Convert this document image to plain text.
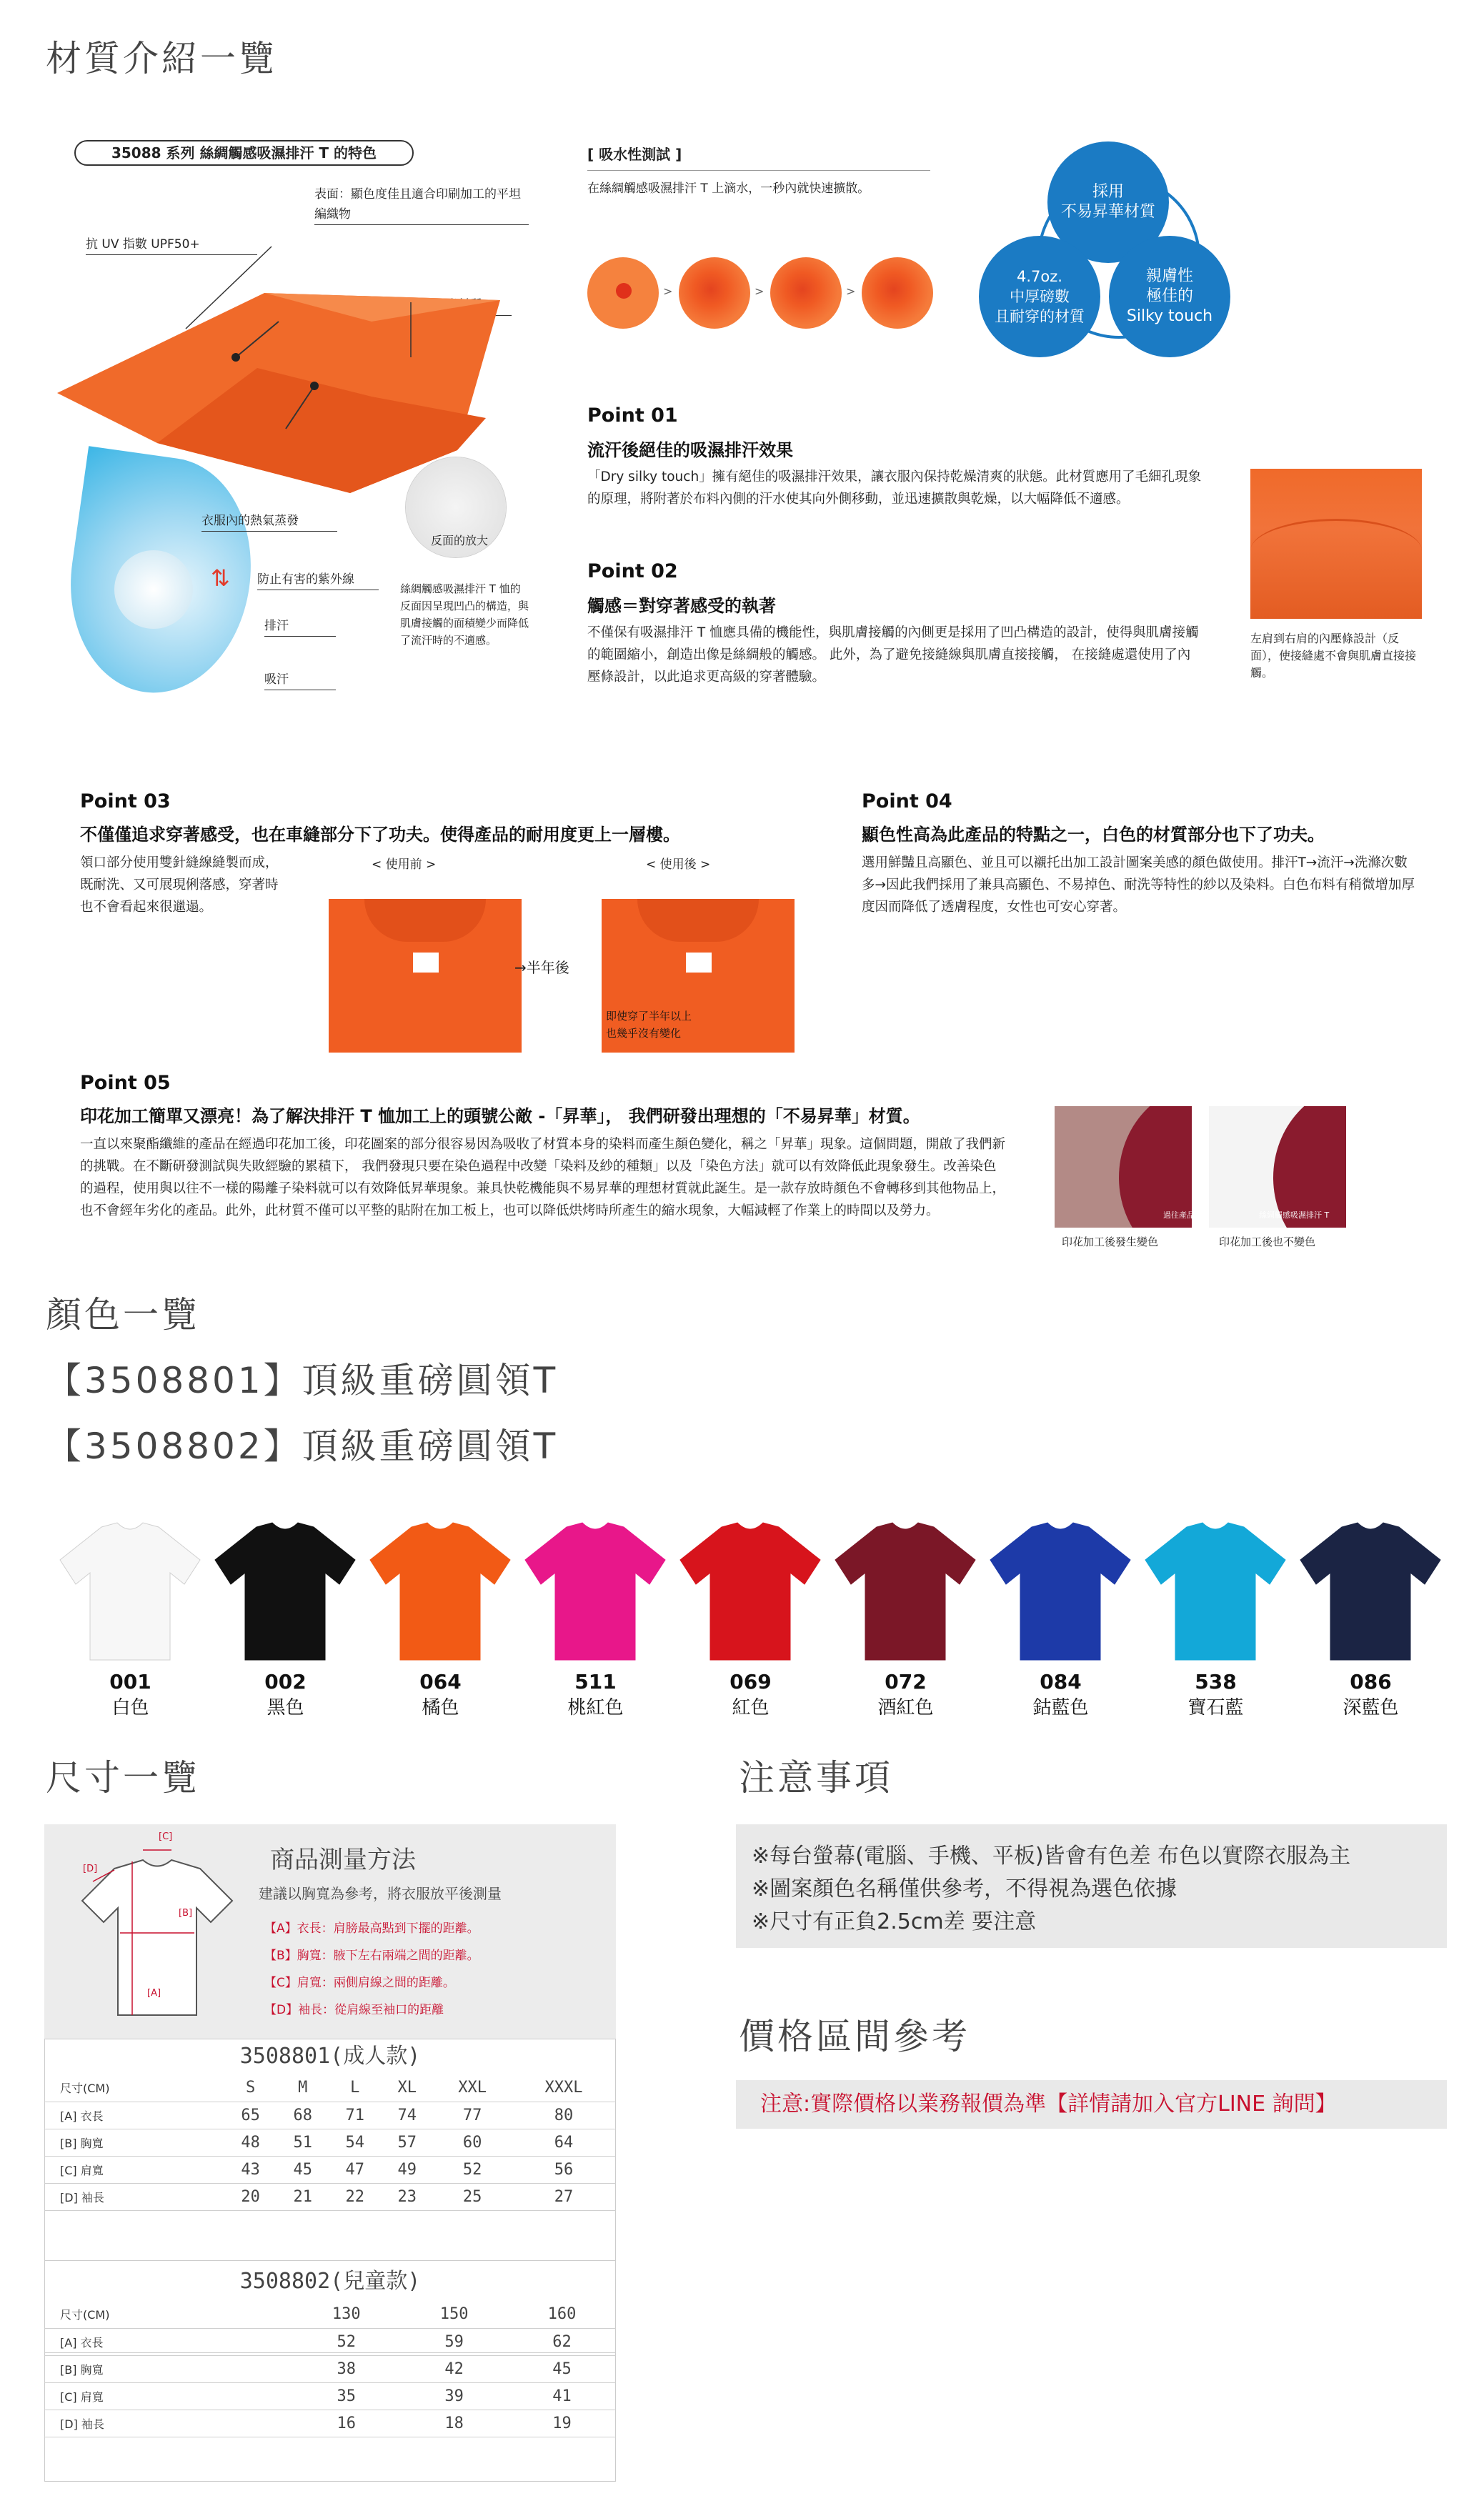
材質介紹一覽
35088 系列 絲綢觸感吸濕排汗 T 的特色
表面：顯色度佳且適合印刷加工的平坦編織物
抗 UV 指數 UPF50+
⇅
衣服內的熱氣蒸發
防止有害的紫外線
排汗
吸汗
反面的放大
絲綢觸感吸濕排汗 T 恤的反面因呈現凹凸的構造，與肌膚接觸的面積變少而降低了流汗時的不適感。
[ 吸水性測試 ]
在絲綢觸感吸濕排汗 T 上滴水，一秒內就快速擴散。
>	>	>
採用
不易昇華材質
4.7oz.
中厚磅數
且耐穿的材質
親膚性
極佳的
Silky touch
Point 01
流汗後絕佳的吸濕排汗效果
「Dry silky touch」擁有絕佳的吸濕排汗效果，讓衣服內保持乾燥清爽的狀態。此材質應用了毛細孔現象的原理，將附著於布料內側的汗水使其向外側移動，並迅速擴散與乾燥，以大幅降低不適感。
Point 02
觸感＝對穿著感受的執著
不僅保有吸濕排汗 T 恤應具備的機能性，與肌膚接觸的內側更是採用了凹凸構造的設計，使得與肌膚接觸的範圍縮小，創造出像是絲綢般的觸感。 此外，為了避免接縫線與肌膚直接接觸， 在接縫處還使用了內壓條設計，以此追求更高級的穿著體驗。
左肩到右肩的內壓條設計（反面），使接縫處不會與肌膚直接接觸。
Point 03
不僅僅追求穿著感受，也在車縫部分下了功夫。使得產品的耐用度更上一層樓。
領口部分使用雙針縫線縫製而成，既耐洗、又可展現俐落感，穿著時也不會看起來很邋遢。
< 使用前 >	< 使用後 >
→半年後
即使穿了半年以上
也幾乎沒有變化
Point 04
顯色性高為此產品的特點之一，白色的材質部分也下了功夫。
選用鮮豔且高顯色、並且可以襯托出加工設計圖案美感的顏色做使用。排汗T→流汗→洗滌次數多→因此我們採用了兼具高顯色、不易掉色、耐洗等特性的紗以及染料。白色布料有稍微增加厚度因而降低了透膚程度，女性也可安心穿著。
Point 05
印花加工簡單又漂亮！為了解決排汗 T 恤加工上的頭號公敵 -「昇華」， 我們研發出理想的「不易昇華」材質。
一直以來聚酯纖維的產品在經過印花加工後，印花圖案的部分很容易因為吸收了材質本身的染料而產生顏色變化，稱之「昇華」現象。這個問題，開啟了我們新的挑戰。在不斷研發測試與失敗經驗的累積下， 我們發現只要在染色過程中改變「染料及紗的種類」以及「染色方法」就可以有效降低此現象發生。改善染色的過程，使用與以往不一樣的陽離子染料就可以有效降低昇華現象。兼具快乾機能與不易昇華的理想材質就此誕生。是一款存放時顏色不會轉移到其他物品上，也不會經年劣化的產品。此外，此材質不僅可以平整的貼附在加工板上，也可以降低烘烤時所產生的縮水現象，大幅減輕了作業上的時間以及勞力。	過往產品
印花加工後發生變色
絲綢觸感吸濕排汗 T
印花加工後也不變色
顏色一覽
【3508801】頂級重磅圓領T
【3508802】頂級重磅圓領T
001
白色
002
黑色
064
橘色
511
桃紅色
069
紅色
072
酒紅色
084
鈷藍色
538
寶石藍
086
深藍色
尺寸一覽
[C]
[D]
[B]
[A]
商品測量方法
建議以胸寬為參考，將衣服放平後測量
【A】衣長：肩膀最高點到下擺的距離。
【B】胸寬：腋下左右兩端之間的距離。
【C】肩寬：兩側肩線之間的距離。
【D】袖長：從肩線至袖口的距離
3508801(成人款)
尺寸(CM)	S	M	L	XL	XXL	XXXL
[A] 衣長	65	68	71	74	77	80
[B] 胸寬	48	51	54	57	60	64
[C] 肩寬	43	45	47	49	52	56
[D] 袖長	20	21	22	23	25	27
3508802(兒童款)
尺寸(CM)	130	150	160
[A] 衣長	52	59	62
[B] 胸寬	38	42	45
[C] 肩寬	35	39	41
[D] 袖長	16	18	19
注意事項
※每台螢幕(電腦、手機、平板)皆會有色差 布色以實際衣服為主
※圖案顏色名稱僅供參考，不得視為選色依據
※尺寸有正負2.5cm差 要注意
價格區間參考
注意:實際價格以業務報價為準【詳情請加入官方LINE 詢問】
